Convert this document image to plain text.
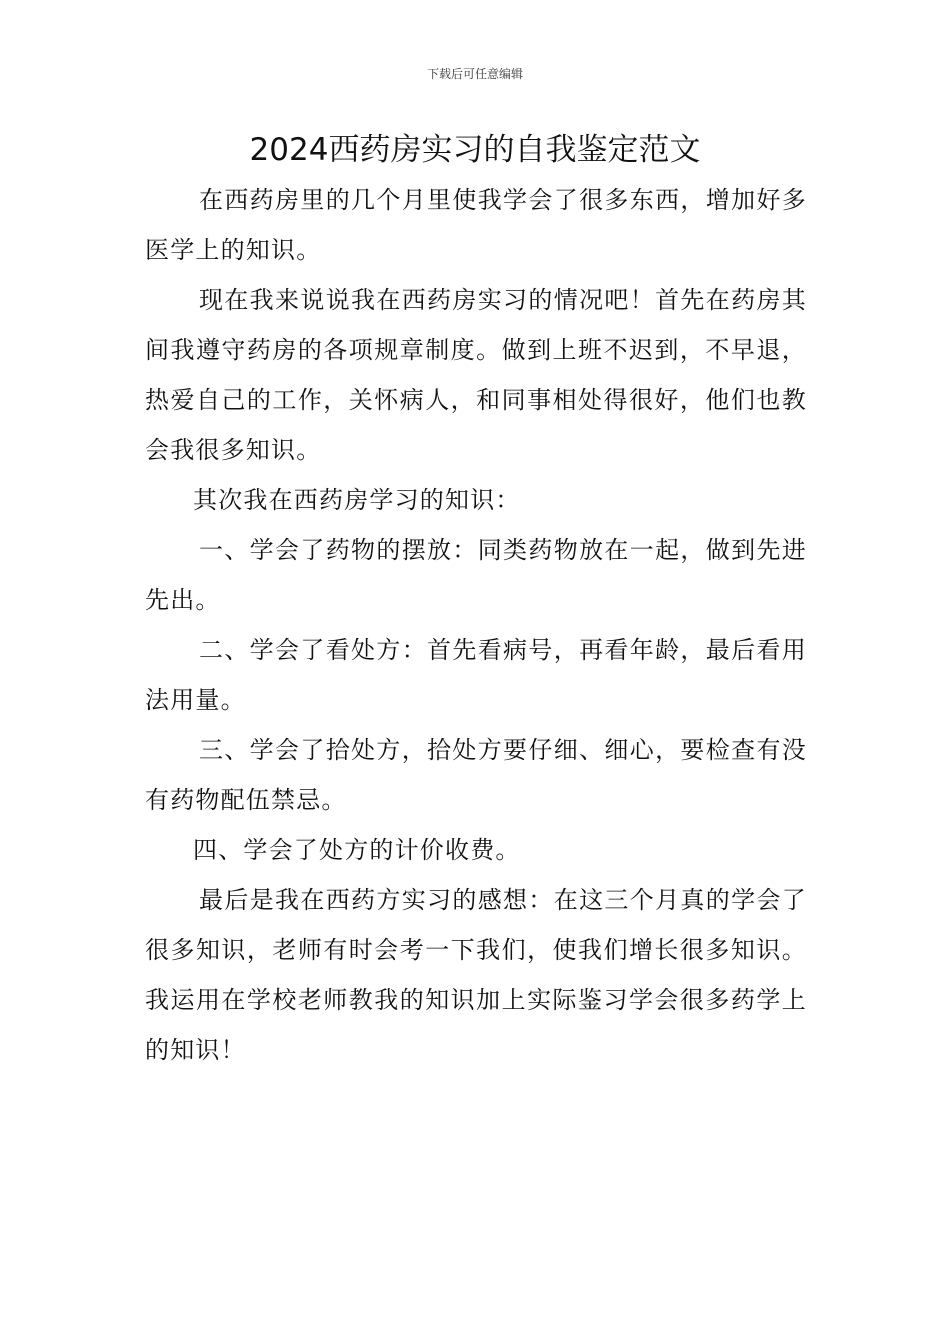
下载后可任意编辑
2024西药房实习的自我鉴定范文

在西药房里的几个月里使我学会了很多东西，增加好多医学上的知识。

现在我来说说我在西药房实习的情况吧！首先在药房其间我遵守药房的各项规章制度。做到上班不迟到，不早退，热爱自己的工作，关怀病人，和同事相处得很好，他们也教会我很多知识。

其次我在西药房学习的知识：

一、学会了药物的摆放：同类药物放在一起，做到先进先出。

二、学会了看处方：首先看病号，再看年龄，最后看用法用量。

三、学会了拾处方，拾处方要仔细、细心，要检查有没有药物配伍禁忌。

四、学会了处方的计价收费。

最后是我在西药方实习的感想：在这三个月真的学会了很多知识，老师有时会考一下我们，使我们增长很多知识。我运用在学校老师教我的知识加上实际鉴习学会很多药学上的知识！
